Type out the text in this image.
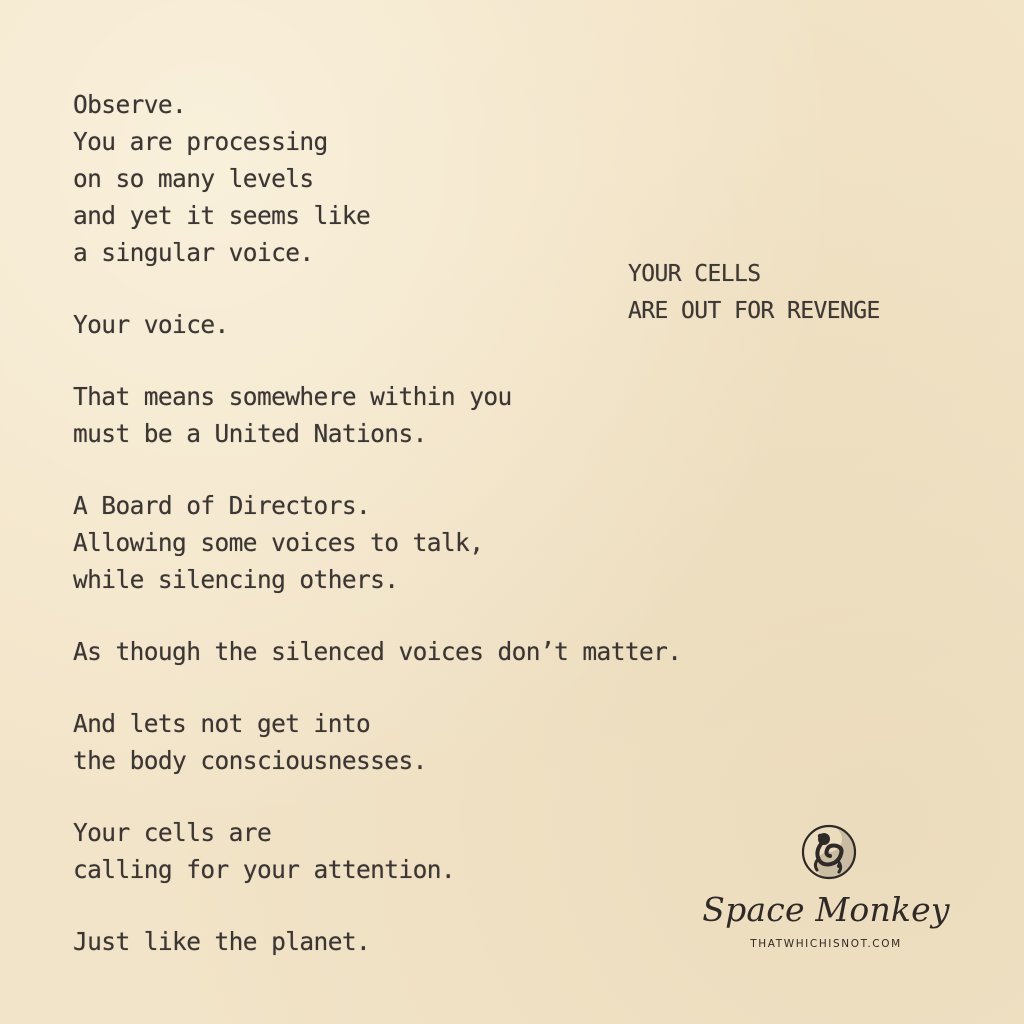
Observe.
You are processing
on so many levels
and yet it seems like
a singular voice.
Your voice.
That means somewhere within you
must be a United Nations.
A Board of Directors.
Allowing some voices to talk,
while silencing others.
As though the silenced voices don’t matter.
And lets not get into
the body consciousnesses.
Your cells are
calling for your attention.
Just like the planet.
YOUR CELLS
ARE OUT FOR REVENGE
Space Monkey
THATWHICHISNOT.COM
